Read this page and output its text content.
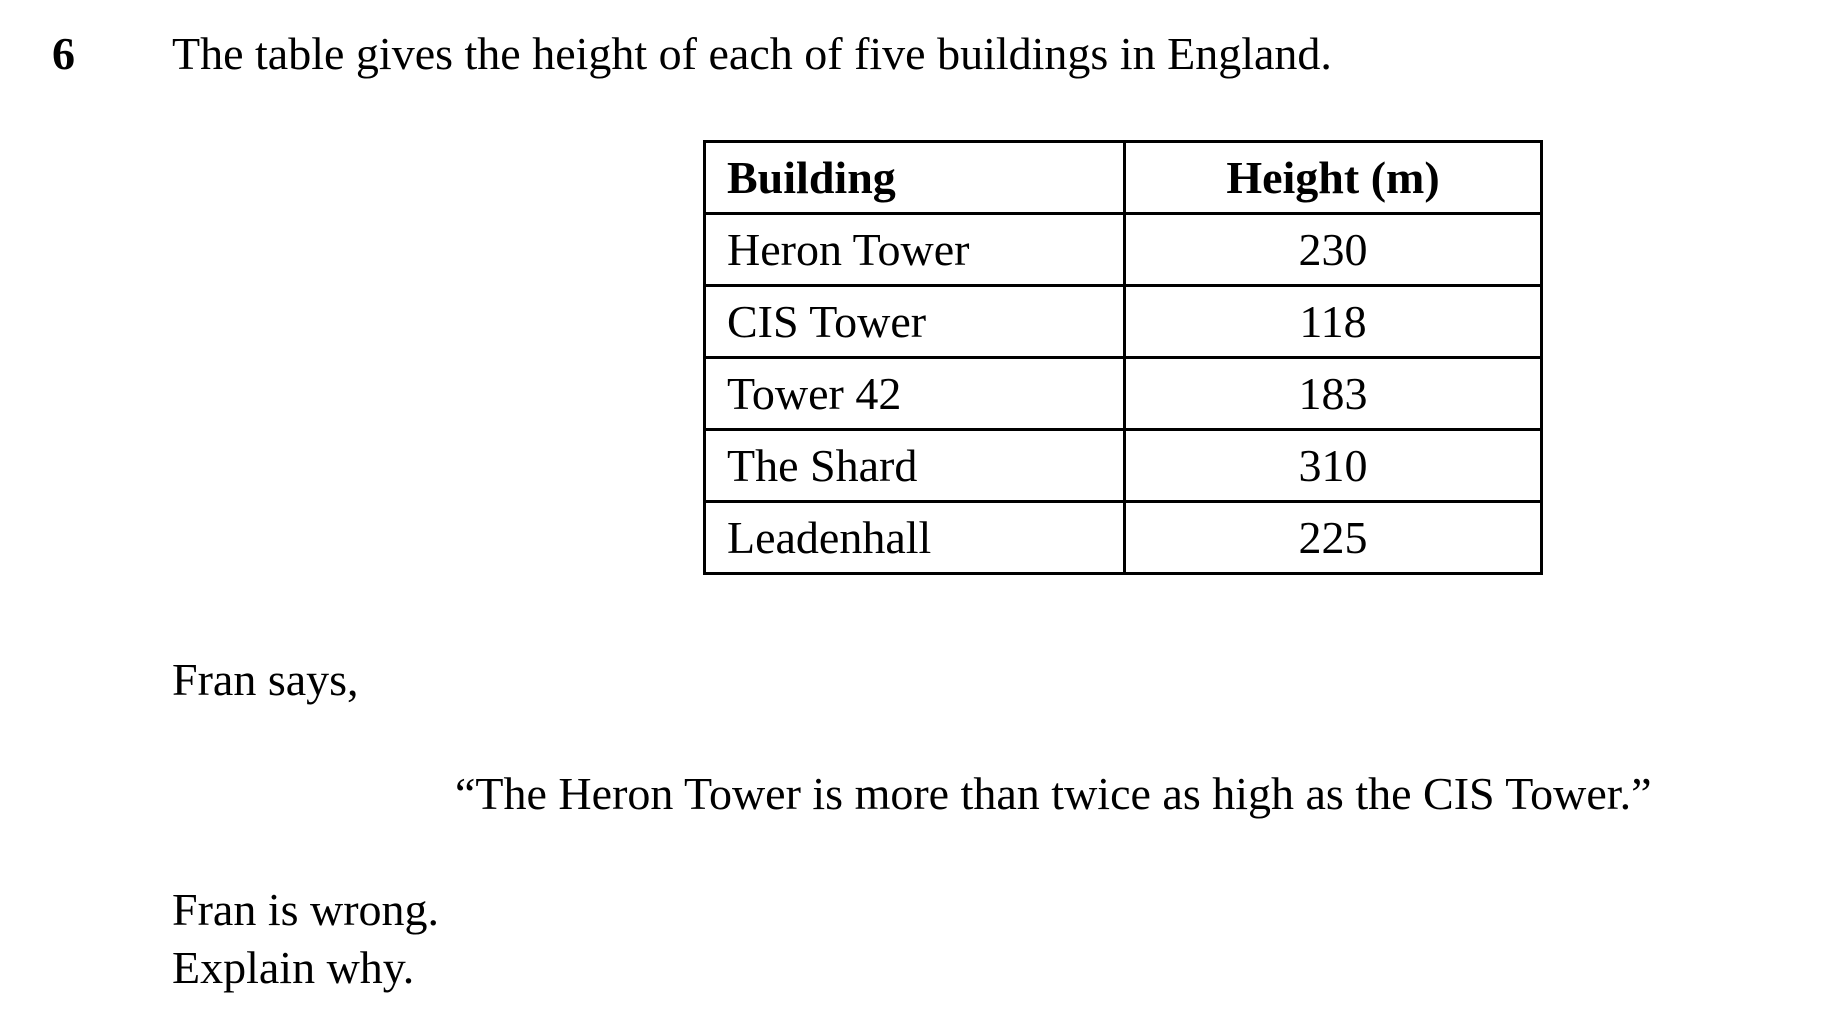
6 The table gives the height of each of five buildings in England.
Building	Height (m)
Heron Tower	230
CIS Tower	118
Tower 42	183
The Shard	310
Leadenhall	225
Fran says,
“The Heron Tower is more than twice as high as the CIS Tower.”
Fran is wrong.
Explain why.
